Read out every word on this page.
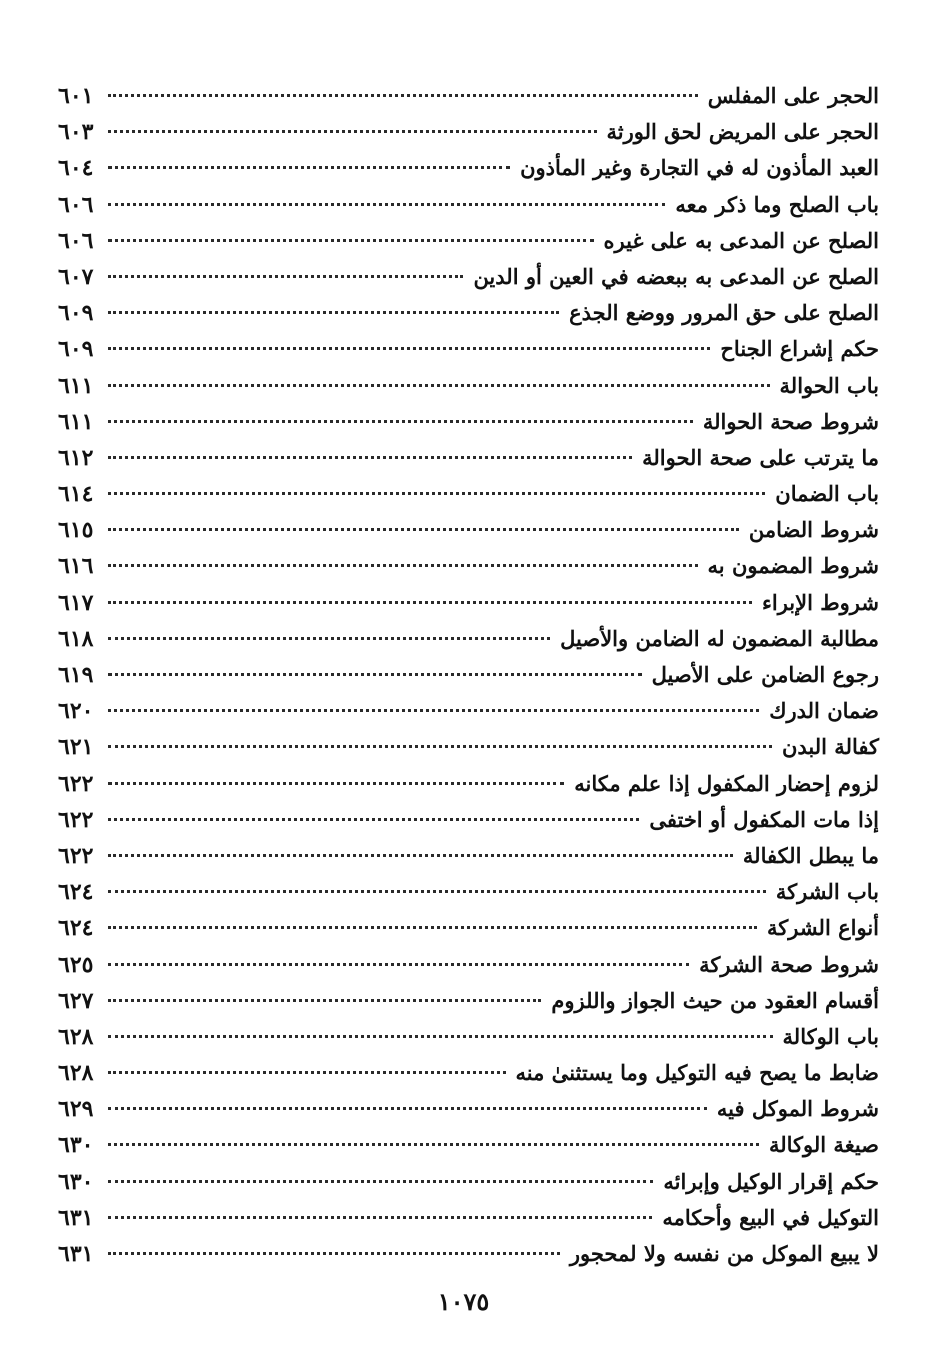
الحجر على المفلس
٦٠١
الحجر على المريض لحق الورثة
٦٠٣
العبد المأذون له في التجارة وغير المأذون
٦٠٤
باب الصلح وما ذكر معه
٦٠٦
الصلح عن المدعى به على غيره
٦٠٦
الصلح عن المدعى به ببعضه في العين أو الدين
٦٠٧
الصلح على حق المرور ووضع الجذع
٦٠٩
حكم إشراع الجناح
٦٠٩
باب الحوالة
٦١١
شروط صحة الحوالة
٦١١
ما يترتب على صحة الحوالة
٦١٢
باب الضمان
٦١٤
شروط الضامن
٦١٥
شروط المضمون به
٦١٦
شروط الإبراء
٦١٧
مطالبة المضمون له الضامن والأصيل
٦١٨
رجوع الضامن على الأصيل
٦١٩
ضمان الدرك
٦٢٠
كفالة البدن
٦٢١
لزوم إحضار المكفول إذا علم مكانه
٦٢٢
إذا مات المكفول أو اختفى
٦٢٢
ما يبطل الكفالة
٦٢٢
باب الشركة
٦٢٤
أنواع الشركة
٦٢٤
شروط صحة الشركة
٦٢٥
أقسام العقود من حيث الجواز واللزوم
٦٢٧
باب الوكالة
٦٢٨
ضابط ما يصح فيه التوكيل وما يستثنىٰ منه
٦٢٨
شروط الموكل فيه
٦٢٩
صيغة الوكالة
٦٣٠
حكم إقرار الوكيل وإبرائه
٦٣٠
التوكيل في البيع وأحكامه
٦٣١
لا يبيع الموكل من نفسه ولا لمحجور
٦٣١
١٠٧٥
